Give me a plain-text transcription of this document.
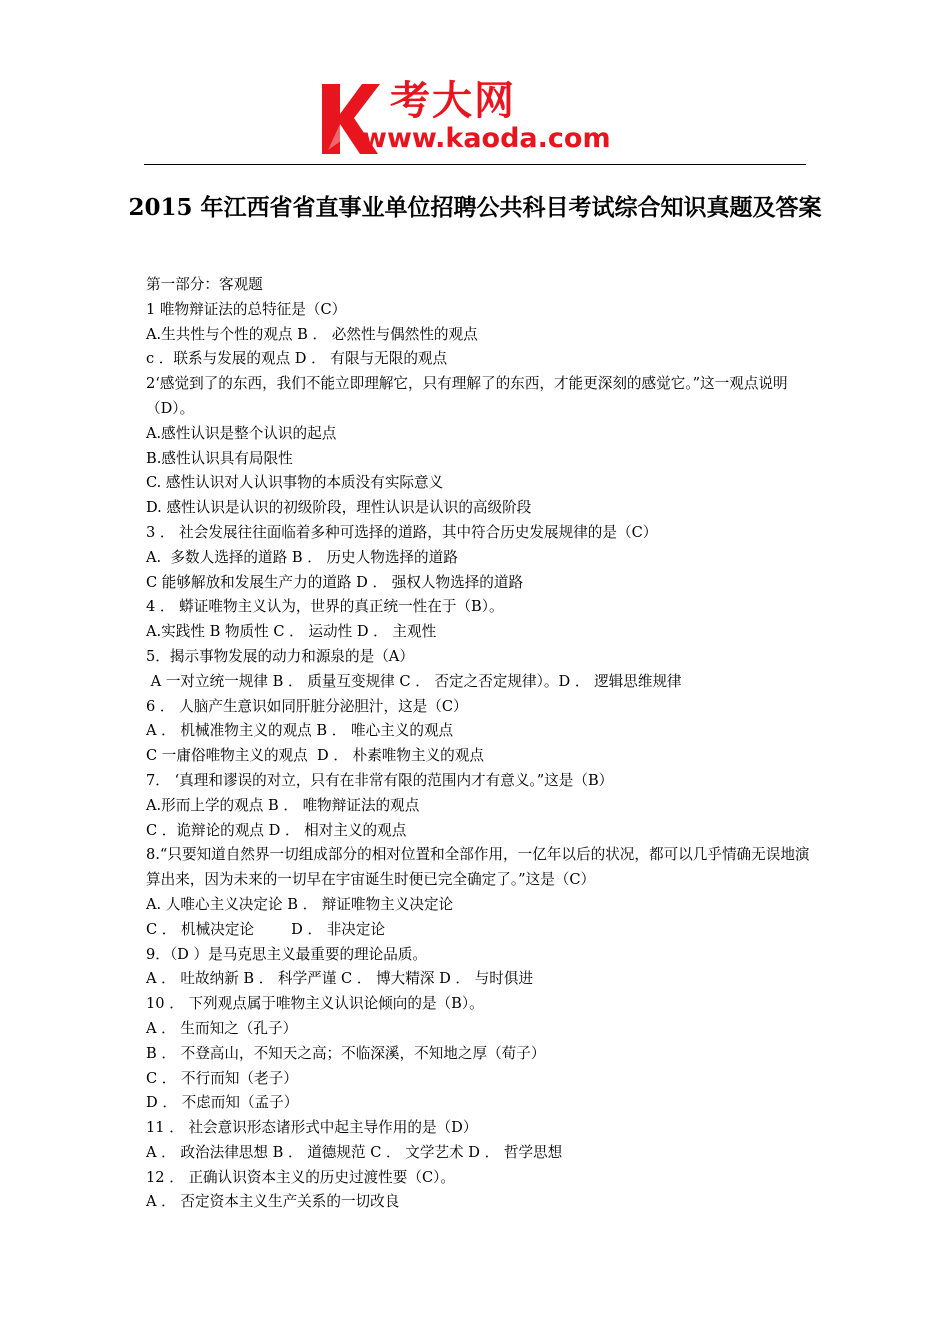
考大网
www.kaoda.com
2015 年江西省省直事业单位招聘公共科目考试综合知识真题及答案
第一部分：客观题
1 唯物辩证法的总特征是（C）
A.生共性与个性的观点 B ． 必然性与偶然性的观点
c ．联系与发展的观点 D ． 有限与无限的观点
2‘感觉到了的东西，我们不能立即理解它，只有理解了的东西，才能更深刻的感觉它。”这一观点说明（D）。
A.感性认识是整个认识的起点
B.感性认识具有局限性
C. 感性认识对人认识事物的本质没有实际意义
D. 感性认识是认识的初级阶段，理性认识是认识的高级阶段
3 ． 社会发展往往面临着多种可选择的道路，其中符合历史发展规律的是（C）
A.  多数人选择的道路 B ． 历史人物选择的道路
C 能够解放和发展生产力的道路 D ． 强权人物选择的道路
4 ． 蟒证唯物主义认为，世界的真正统一性在于（B）。
A.实践性 B 物质性 C ． 运动性 D ． 主观性
5．揭示事物发展的动力和源泉的是（A）
A 一对立统一规律 B ． 质量互变规律 C ． 否定之否定规律）。D ． 逻辑思维规律
6 ． 人脑产生意识如同肝脏分泌胆汁，这是（C）
A ． 机械准物主义的观点 B ． 唯心主义的观点
C 一庸俗唯物主义的观点  D ． 朴素唯物主义的观点
7． ‘真理和谬误的对立，只有在非常有限的范围内才有意义。”这是（B）
A.形而上学的观点 B ． 唯物辩证法的观点
C ．诡辩论的观点 D ． 相对主义的观点
8.“只要知道自然界一切组成部分的相对位置和全部作用，一亿年以后的状况，都可以几乎情确无误地演算出来，因为未来的一切早在宇宙诞生时便已完全确定了。”这是（C）
A. 人唯心主义决定论 B ． 辩证唯物主义决定论
C ． 机械决定论        D ． 非决定论
9．（D ）是马克思主义最重要的理论品质。
A ． 吐故纳新 B ． 科学严谨 C ． 博大精深 D ． 与时俱进
10 ． 下列观点属于唯物主义认识论倾向的是（B）。
A ． 生而知之（孔子）
B ． 不登高山，不知天之高；不临深溪，不知地之厚（荀子）
C ． 不行而知（老子）
D ． 不虑而知（孟子）
11 ． 社会意识形态诸形式中起主导作用的是（D）
A ． 政治法律思想 B ． 道德规范 C ． 文学艺术 D ． 哲学思想
12 ． 正确认识资本主义的历史过渡性要（C）。
A ． 否定资本主义生产关系的一切改良
